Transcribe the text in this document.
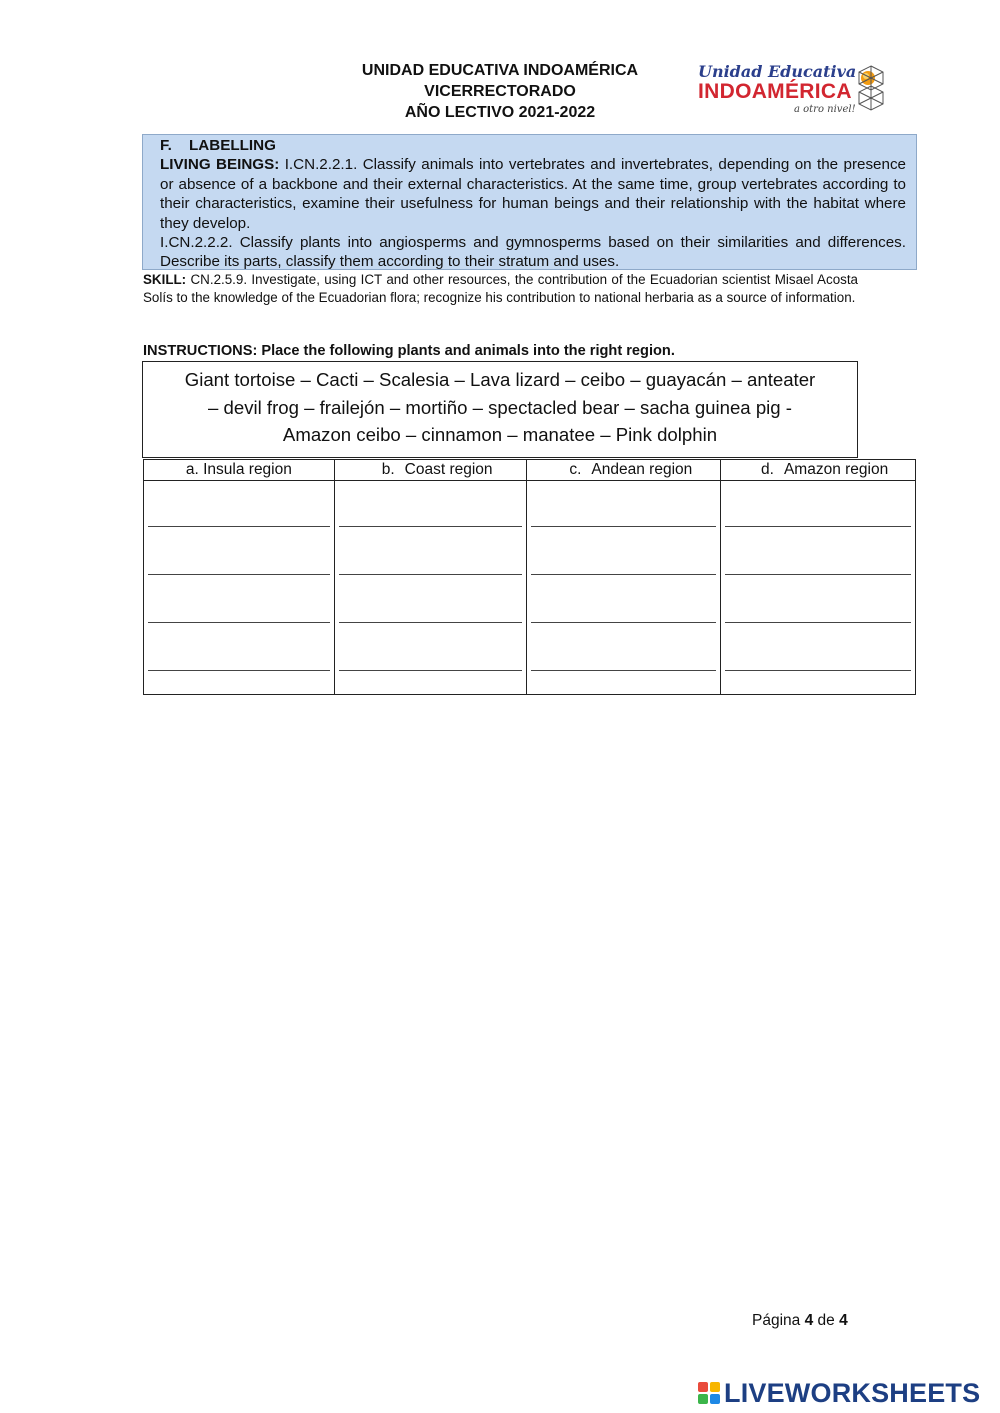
UNIDAD EDUCATIVA INDOAMÉRICA
VICERRECTORADO
AÑO LECTIVO 2021-2022
Unidad Educativa
INDOAMÉRICA
a otro nivel!

F. LABELLING

LIVING BEINGS: I.CN.2.2.1. Classify animals into vertebrates and invertebrates, depending on the presence or absence of a backbone and their external characteristics. At the same time, group vertebrates according to their characteristics, examine their usefulness for human beings and their relationship with the habitat where they develop.

I.CN.2.2.2. Classify plants into angiosperms and gymnosperms based on their similarities and differences. Describe its parts, classify them according to their stratum and uses.

SKILL: CN.2.5.9. Investigate, using ICT and other resources, the contribution of the Ecuadorian scientist Misael Acosta Solís to the knowledge of the Ecuadorian flora; recognize his contribution to national herbaria as a source of information.
INSTRUCTIONS: Place the following plants and animals into the right region.
Giant tortoise – Cacti – Scalesia – Lava lizard – ceibo – guayacán – anteater
– devil frog – frailejón – mortiño – spectacled bear – sacha guinea pig -
Amazon ceibo – cinnamon – manatee – Pink dolphin
a. Insula region	b. Coast region	c. Andean region	d. Amazon region

Página 4 de 4
LIVEWORKSHEETS
